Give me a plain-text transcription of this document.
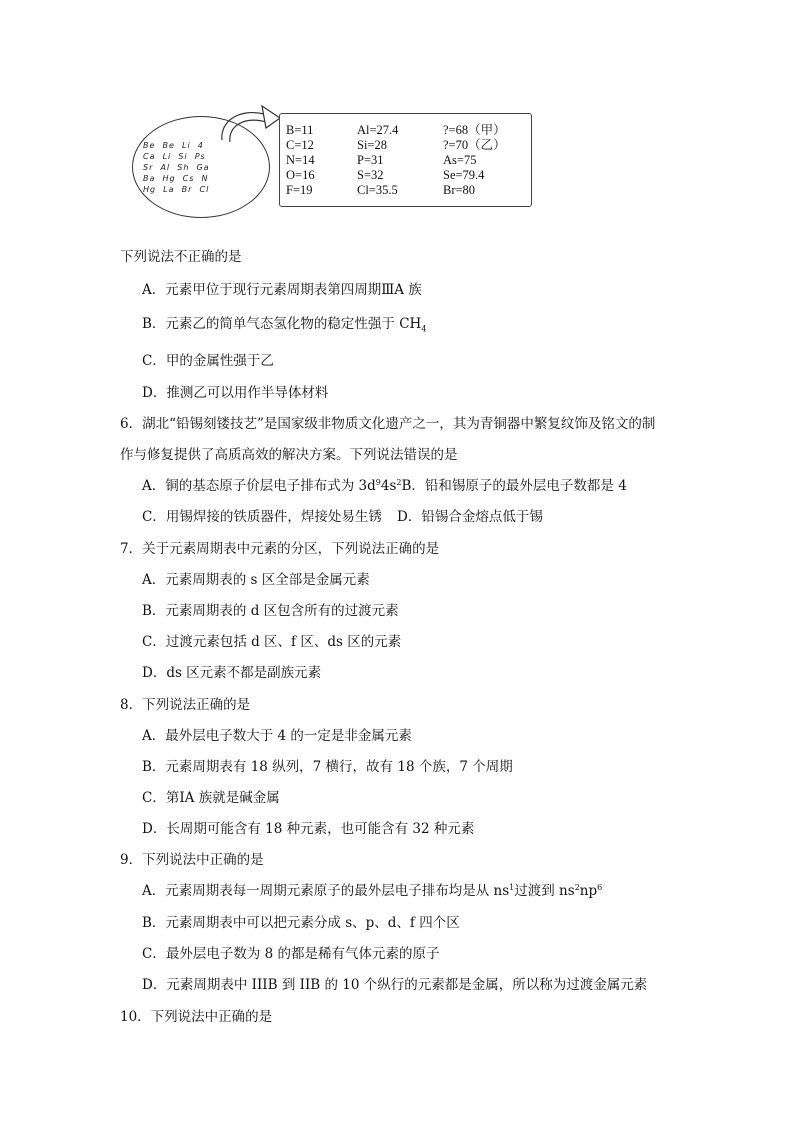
Be  Be  Li  4
Ca  Li  Si  Ps
Sr  Al  Sh  Ga
Ba  Hg  Cs  N
Hg  La  Br  Cl
B=11	Al=27.4	?=68（甲）
C=12	Si=28	?=70（乙）
N=14	P=31	As=75
O=16	S=32	Se=79.4
F=19	Cl=35.5	Br=80
下列说法不正确的是
A．元素甲位于现行元素周期表第四周期ⅢA 族
B．元素乙的简单气态氢化物的稳定性强于 $CH_4$
C．甲的金属性强于乙
D．推测乙可以用作半导体材料
6．湖北“铅锡刻镂技艺”是国家级非物质文化遗产之一，其为青铜器中繁复纹饰及铭文的制
作与修复提供了高质高效的解决方案。下列说法错误的是
A．铜的基态原子价层电子排布式为 $3d^94s^2B$．铅和锡原子的最外层电子数都是 4
C．用锡焊接的铁质器件，焊接处易生锈 D．铅锡合金熔点低于锡
7．关于元素周期表中元素的分区，下列说法正确的是
A．元素周期表的 s 区全部是金属元素
B．元素周期表的 d 区包含所有的过渡元素
C．过渡元素包括 d 区、f 区、ds 区的元素
D．ds 区元素不都是副族元素
8．下列说法正确的是
A．最外层电子数大于 4 的一定是非金属元素
B．元素周期表有 18 纵列，7 横行，故有 18 个族，7 个周期
C．第ⅠA 族就是碱金属
D．长周期可能含有 18 种元素，也可能含有 32 种元素
9．下列说法中正确的是
A．元素周期表每一周期元素原子的最外层电子排布均是从 $ns^1$过渡到 $ns^2np^6$
B．元素周期表中可以把元素分成 s、p、d、f 四个区
C．最外层电子数为 8 的都是稀有气体元素的原子
D．元素周期表中 IIIB 到 IIB 的 10 个纵行的元素都是金属，所以称为过渡金属元素
10．下列说法中正确的是
